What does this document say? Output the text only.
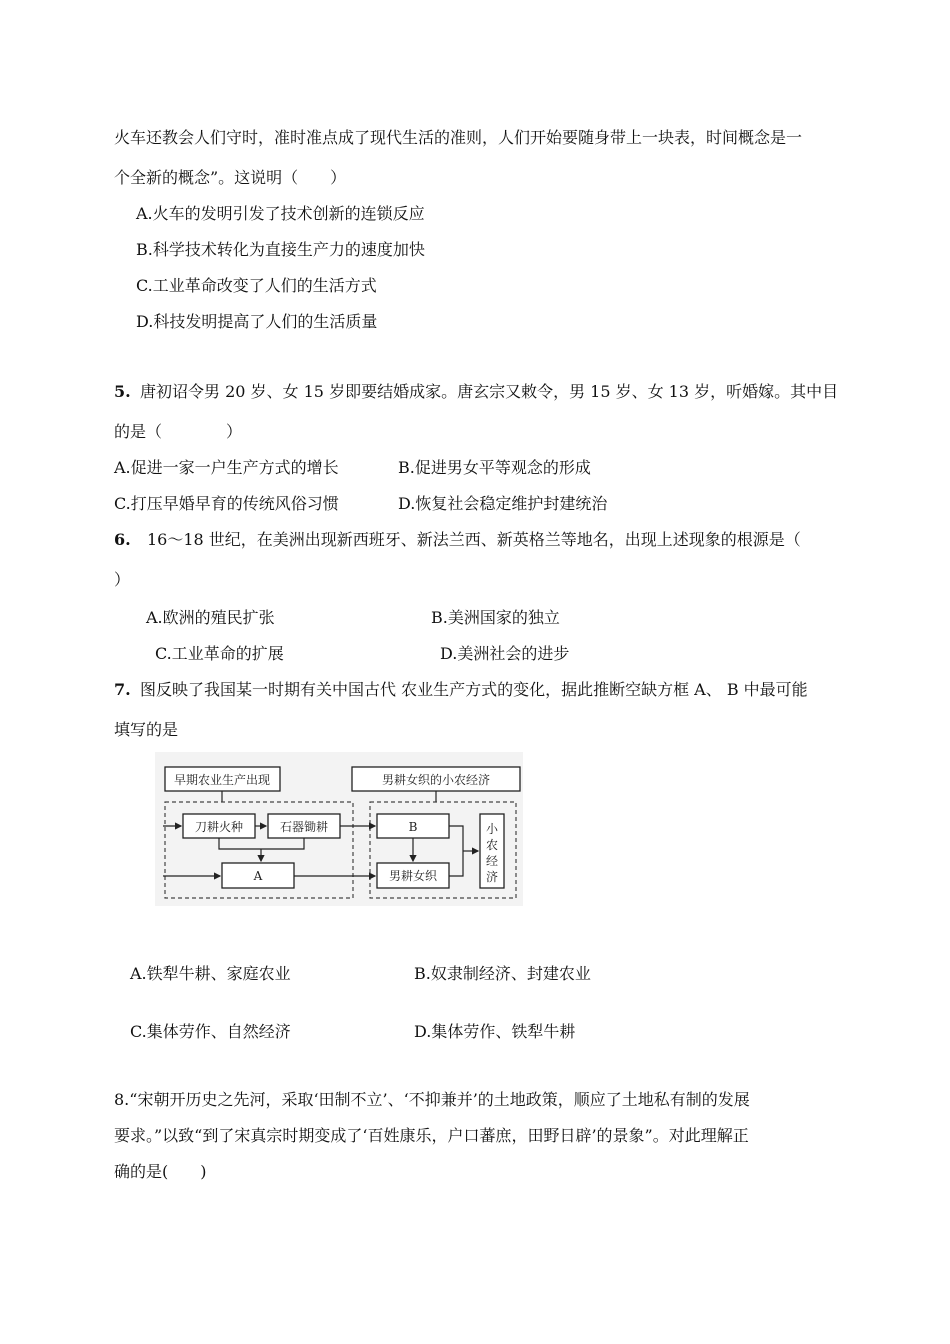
火车还教会人们守时，准时准点成了现代生活的准则，人们开始要随身带上一块表，时间概念是一
个全新的概念”。这说明（　　）
A.火车的发明引发了技术创新的连锁反应
B.科学技术转化为直接生产力的速度加快
C.工业革命改变了人们的生活方式
D.科技发明提高了人们的生活质量
5. 唐初诏令男 20 岁、女 15 岁即要结婚成家。唐玄宗又敕令，男 15 岁、女 13 岁，听婚嫁。其中目
的是（　　　　）
A.促进一家一户生产方式的增长	B.促进男女平等观念的形成
C.打压早婚早育的传统风俗习惯	D.恢复社会稳定维护封建统治
6. 16～18 世纪，在美洲出现新西班牙、新法兰西、新英格兰等地名，出现上述现象的根源是（
）
A.欧洲的殖民扩张	B.美洲国家的独立
C.工业革命的扩展	D.美洲社会的进步
7. 图反映了我国某一时期有关中国古代 农业生产方式的变化，据此推断空缺方框 A、 B 中最可能
填写的是
早期农业生产出现	男耕女织的小农经济
刀耕火种	石器锄耕
A
B
男耕女织
小
农
经
济
A.铁犁牛耕、家庭农业	B.奴隶制经济、封建农业
C.集体劳作、自然经济	D.集体劳作、铁犁牛耕
8.“宋朝开历史之先河，采取‘田制不立’、‘不抑兼并’的土地政策，顺应了土地私有制的发展
要求。”以致“到了宋真宗时期变成了‘百姓康乐，户口蕃庶，田野日辟’的景象”。对此理解正
确的是(　　)
